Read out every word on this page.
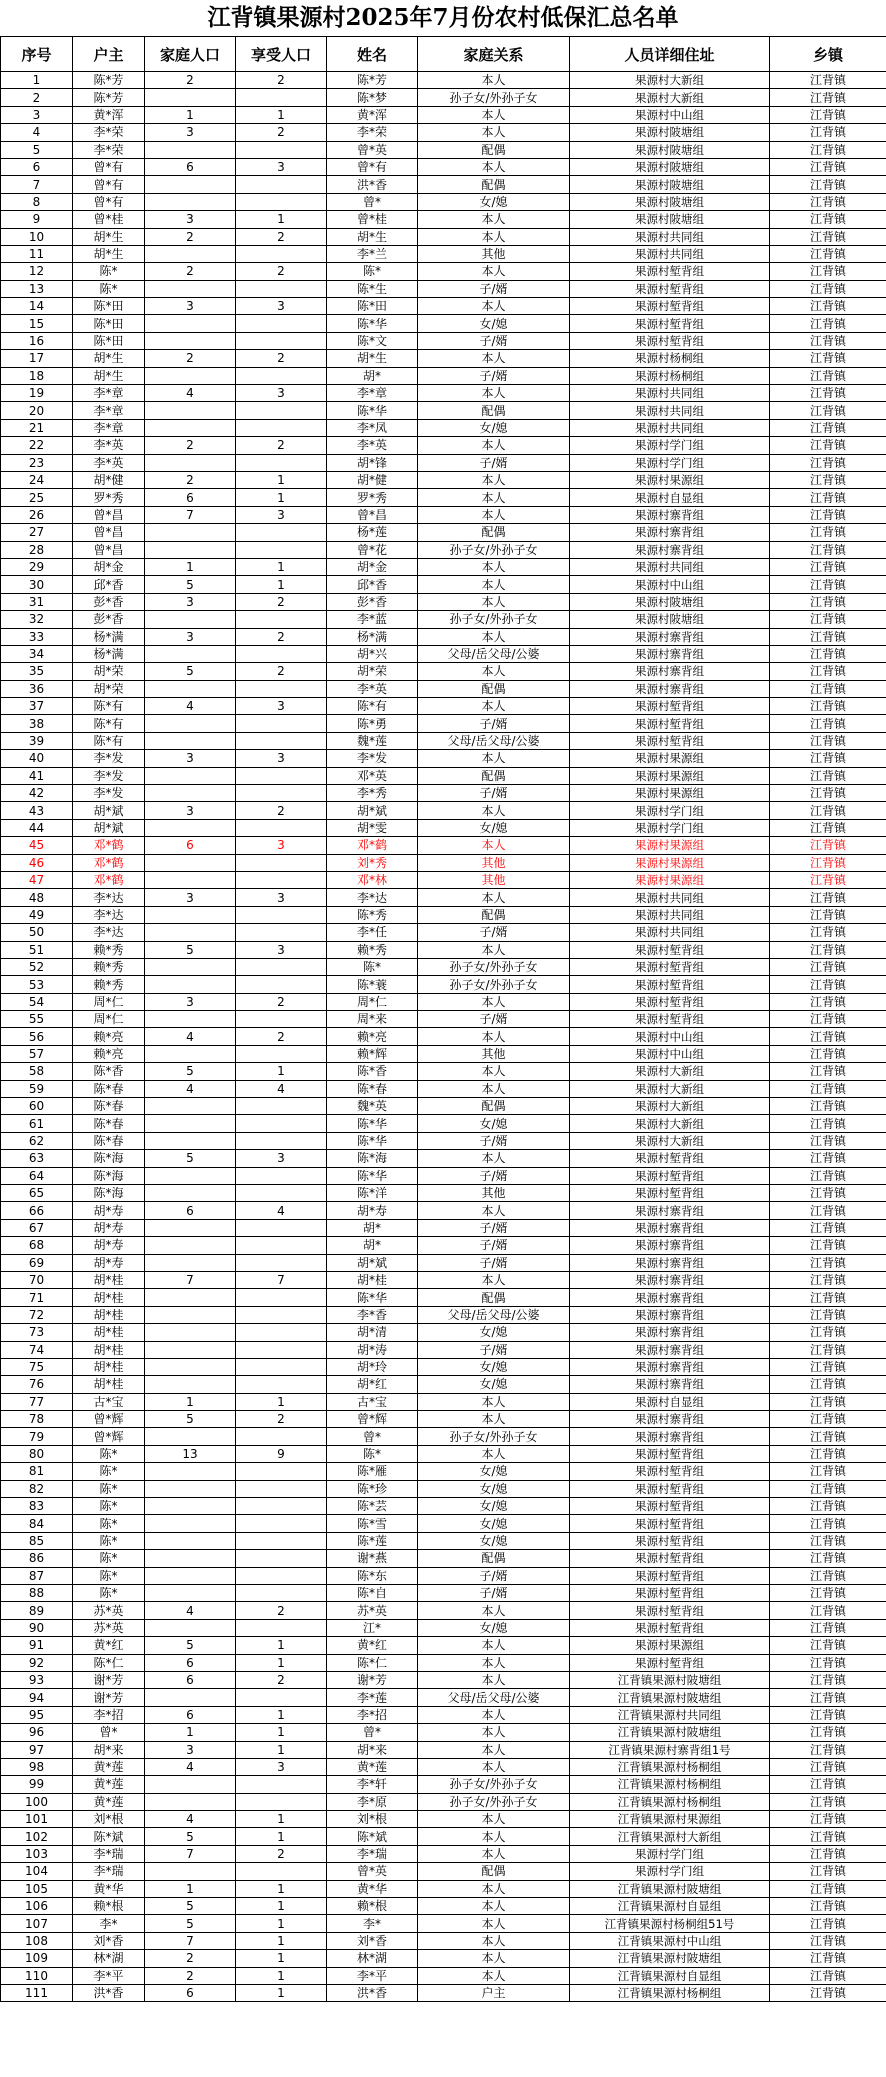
江背镇果源村2025年7月份农村低保汇总名单
序号	户主	家庭人口	享受人口	姓名	家庭关系	人员详细住址	乡镇
1	陈*芳	2	2	陈*芳	本人	果源村大新组	江背镇
2	陈*芳			陈*梦	孙子女/外孙子女	果源村大新组	江背镇
3	黄*浑	1	1	黄*浑	本人	果源村中山组	江背镇
4	李*荣	3	2	李*荣	本人	果源村陂塘组	江背镇
5	李*荣			曾*英	配偶	果源村陂塘组	江背镇
6	曾*有	6	3	曾*有	本人	果源村陂塘组	江背镇
7	曾*有			洪*香	配偶	果源村陂塘组	江背镇
8	曾*有			曾*	女/媳	果源村陂塘组	江背镇
9	曾*桂	3	1	曾*桂	本人	果源村陂塘组	江背镇
10	胡*生	2	2	胡*生	本人	果源村共同组	江背镇
11	胡*生			李*兰	其他	果源村共同组	江背镇
12	陈*	2	2	陈*	本人	果源村堑背组	江背镇
13	陈*			陈*生	子/婿	果源村堑背组	江背镇
14	陈*田	3	3	陈*田	本人	果源村堑背组	江背镇
15	陈*田			陈*华	女/媳	果源村堑背组	江背镇
16	陈*田			陈*文	子/婿	果源村堑背组	江背镇
17	胡*生	2	2	胡*生	本人	果源村杨桐组	江背镇
18	胡*生			胡*	子/婿	果源村杨桐组	江背镇
19	李*章	4	3	李*章	本人	果源村共同组	江背镇
20	李*章			陈*华	配偶	果源村共同组	江背镇
21	李*章			李*凤	女/媳	果源村共同组	江背镇
22	李*英	2	2	李*英	本人	果源村学门组	江背镇
23	李*英			胡*锋	子/婿	果源村学门组	江背镇
24	胡*健	2	1	胡*健	本人	果源村果源组	江背镇
25	罗*秀	6	1	罗*秀	本人	果源村自显组	江背镇
26	曾*昌	7	3	曾*昌	本人	果源村寨背组	江背镇
27	曾*昌			杨*莲	配偶	果源村寨背组	江背镇
28	曾*昌			曾*花	孙子女/外孙子女	果源村寨背组	江背镇
29	胡*金	1	1	胡*金	本人	果源村共同组	江背镇
30	邱*香	5	1	邱*香	本人	果源村中山组	江背镇
31	彭*香	3	2	彭*香	本人	果源村陂塘组	江背镇
32	彭*香			李*蓝	孙子女/外孙子女	果源村陂塘组	江背镇
33	杨*满	3	2	杨*满	本人	果源村寨背组	江背镇
34	杨*满			胡*兴	父母/岳父母/公婆	果源村寨背组	江背镇
35	胡*荣	5	2	胡*荣	本人	果源村寨背组	江背镇
36	胡*荣			李*英	配偶	果源村寨背组	江背镇
37	陈*有	4	3	陈*有	本人	果源村堑背组	江背镇
38	陈*有			陈*勇	子/婿	果源村堑背组	江背镇
39	陈*有			魏*莲	父母/岳父母/公婆	果源村堑背组	江背镇
40	李*发	3	3	李*发	本人	果源村果源组	江背镇
41	李*发			邓*英	配偶	果源村果源组	江背镇
42	李*发			李*秀	子/婿	果源村果源组	江背镇
43	胡*斌	3	2	胡*斌	本人	果源村学门组	江背镇
44	胡*斌			胡*雯	女/媳	果源村学门组	江背镇
45	邓*鹤	6	3	邓*鹤	本人	果源村果源组	江背镇
46	邓*鹤			刘*秀	其他	果源村果源组	江背镇
47	邓*鹤			邓*林	其他	果源村果源组	江背镇
48	李*达	3	3	李*达	本人	果源村共同组	江背镇
49	李*达			陈*秀	配偶	果源村共同组	江背镇
50	李*达			李*任	子/婿	果源村共同组	江背镇
51	赖*秀	5	3	赖*秀	本人	果源村堑背组	江背镇
52	赖*秀			陈*	孙子女/外孙子女	果源村堑背组	江背镇
53	赖*秀			陈*蓑	孙子女/外孙子女	果源村堑背组	江背镇
54	周*仁	3	2	周*仁	本人	果源村堑背组	江背镇
55	周*仁			周*来	子/婿	果源村堑背组	江背镇
56	赖*亮	4	2	赖*亮	本人	果源村中山组	江背镇
57	赖*亮			赖*辉	其他	果源村中山组	江背镇
58	陈*香	5	1	陈*香	本人	果源村大新组	江背镇
59	陈*春	4	4	陈*春	本人	果源村大新组	江背镇
60	陈*春			魏*英	配偶	果源村大新组	江背镇
61	陈*春			陈*华	女/媳	果源村大新组	江背镇
62	陈*春			陈*华	子/婿	果源村大新组	江背镇
63	陈*海	5	3	陈*海	本人	果源村堑背组	江背镇
64	陈*海			陈*华	子/婿	果源村堑背组	江背镇
65	陈*海			陈*洋	其他	果源村堑背组	江背镇
66	胡*寿	6	4	胡*寿	本人	果源村寨背组	江背镇
67	胡*寿			胡*	子/婿	果源村寨背组	江背镇
68	胡*寿			胡*	子/婿	果源村寨背组	江背镇
69	胡*寿			胡*斌	子/婿	果源村寨背组	江背镇
70	胡*桂	7	7	胡*桂	本人	果源村寨背组	江背镇
71	胡*桂			陈*华	配偶	果源村寨背组	江背镇
72	胡*桂			李*香	父母/岳父母/公婆	果源村寨背组	江背镇
73	胡*桂			胡*清	女/媳	果源村寨背组	江背镇
74	胡*桂			胡*涛	子/婿	果源村寨背组	江背镇
75	胡*桂			胡*玲	女/媳	果源村寨背组	江背镇
76	胡*桂			胡*红	女/媳	果源村寨背组	江背镇
77	古*宝	1	1	古*宝	本人	果源村自显组	江背镇
78	曾*辉	5	2	曾*辉	本人	果源村寨背组	江背镇
79	曾*辉			曾*	孙子女/外孙子女	果源村寨背组	江背镇
80	陈*	13	9	陈*	本人	果源村堑背组	江背镇
81	陈*			陈*雁	女/媳	果源村堑背组	江背镇
82	陈*			陈*珍	女/媳	果源村堑背组	江背镇
83	陈*			陈*芸	女/媳	果源村堑背组	江背镇
84	陈*			陈*雪	女/媳	果源村堑背组	江背镇
85	陈*			陈*莲	女/媳	果源村堑背组	江背镇
86	陈*			谢*燕	配偶	果源村堑背组	江背镇
87	陈*			陈*东	子/婿	果源村堑背组	江背镇
88	陈*			陈*自	子/婿	果源村堑背组	江背镇
89	苏*英	4	2	苏*英	本人	果源村堑背组	江背镇
90	苏*英			江*	女/媳	果源村堑背组	江背镇
91	黄*红	5	1	黄*红	本人	果源村果源组	江背镇
92	陈*仁	6	1	陈*仁	本人	果源村堑背组	江背镇
93	谢*芳	6	2	谢*芳	本人	江背镇果源村陂塘组	江背镇
94	谢*芳			李*莲	父母/岳父母/公婆	江背镇果源村陂塘组	江背镇
95	李*招	6	1	李*招	本人	江背镇果源村共同组	江背镇
96	曾*	1	1	曾*	本人	江背镇果源村陂塘组	江背镇
97	胡*来	3	1	胡*来	本人	江背镇果源村寨背组1号	江背镇
98	黄*莲	4	3	黄*莲	本人	江背镇果源村杨桐组	江背镇
99	黄*莲			李*轩	孙子女/外孙子女	江背镇果源村杨桐组	江背镇
100	黄*莲			李*原	孙子女/外孙子女	江背镇果源村杨桐组	江背镇
101	刘*根	4	1	刘*根	本人	江背镇果源村果源组	江背镇
102	陈*斌	5	1	陈*斌	本人	江背镇果源村大新组	江背镇
103	李*瑞	7	2	李*瑞	本人	果源村学门组	江背镇
104	李*瑞			曾*英	配偶	果源村学门组	江背镇
105	黄*华	1	1	黄*华	本人	江背镇果源村陂塘组	江背镇
106	赖*根	5	1	赖*根	本人	江背镇果源村自显组	江背镇
107	李*	5	1	李*	本人	江背镇果源村杨桐组51号	江背镇
108	刘*香	7	1	刘*香	本人	江背镇果源村中山组	江背镇
109	林*湖	2	1	林*湖	本人	江背镇果源村陂塘组	江背镇
110	李*平	2	1	李*平	本人	江背镇果源村自显组	江背镇
111	洪*香	6	1	洪*香	户主	江背镇果源村杨桐组	江背镇
